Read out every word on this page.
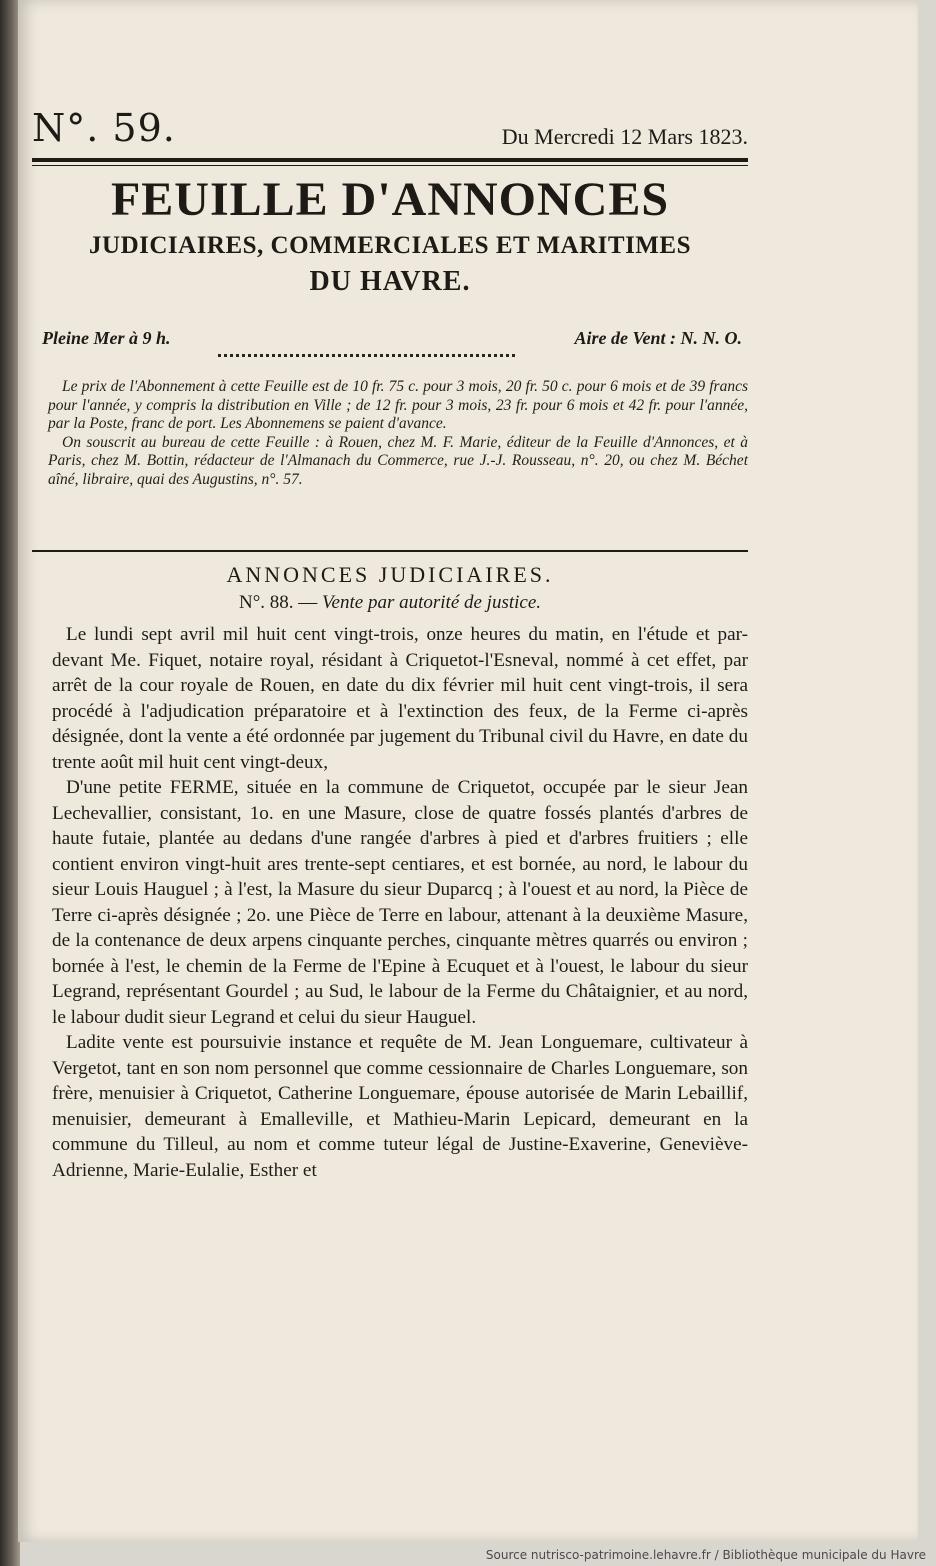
N°. 59.	Du Mercredi 12 Mars 1823.
FEUILLE D'ANNONCES
JUDICIAIRES, COMMERCIALES ET MARITIMES
DU HAVRE.
Pleine Mer à 9 h.	Aire de Vent : N. N. O.

Le prix de l'Abonnement à cette Feuille est de 10 fr. 75 c. pour 3 mois, 20 fr. 50 c. pour 6 mois et de 39 francs pour l'année, y compris la distribution en Ville ; de 12 fr. pour 3 mois, 23 fr. pour 6 mois et 42 fr. pour l'année, par la Poste, franc de port. Les Abonnemens se paient d'avance.

On souscrit au bureau de cette Feuille : à Rouen, chez M. F. Marie, éditeur de la Feuille d'Annonces, et à Paris, chez M. Bottin, rédacteur de l'Almanach du Commerce, rue J.-J. Rousseau, n°. 20, ou chez M. Béchet aîné, libraire, quai des Augustins, n°. 57.

ANNONCES JUDICIAIRES.
N°. 88. — Vente par autorité de justice.

Le lundi sept avril mil huit cent vingt-trois, onze heures du matin, en l'étude et par-devant Me. Fiquet, notaire royal, résidant à Criquetot-l'Esneval, nommé à cet effet, par arrêt de la cour royale de Rouen, en date du dix février mil huit cent vingt-trois, il sera procédé à l'adjudication préparatoire et à l'extinction des feux, de la Ferme ci-après désignée, dont la vente a été ordonnée par jugement du Tribunal civil du Havre, en date du trente août mil huit cent vingt-deux,

D'une petite FERME, située en la commune de Criquetot, occupée par le sieur Jean Lechevallier, consistant, 1o. en une Masure, close de quatre fossés plantés d'arbres de haute futaie, plantée au dedans d'une rangée d'arbres à pied et d'arbres fruitiers ; elle contient environ vingt-huit ares trente-sept centiares, et est bornée, au nord, le labour du sieur Louis Hauguel ; à l'est, la Masure du sieur Duparcq ; à l'ouest et au nord, la Pièce de Terre ci-après désignée ; 2o. une Pièce de Terre en labour, attenant à la deuxième Masure, de la contenance de deux arpens cinquante perches, cinquante mètres quarrés ou environ ; bornée à l'est, le chemin de la Ferme de l'Epine à Ecuquet et à l'ouest, le labour du sieur Legrand, représentant Gourdel ; au Sud, le labour de la Ferme du Châtaignier, et au nord, le labour dudit sieur Legrand et celui du sieur Hauguel.

Ladite vente est poursuivie instance et requête de M. Jean Longuemare, cultivateur à Vergetot, tant en son nom personnel que comme cessionnaire de Charles Longuemare, son frère, menuisier à Criquetot, Catherine Longuemare, épouse autorisée de Marin Lebaillif, menuisier, demeurant à Emalleville, et Mathieu-Marin Lepicard, demeurant en la commune du Tilleul, au nom et comme tuteur légal de Justine-Exaverine, Geneviève-Adrienne, Marie-Eulalie, Esther et

Source nutrisco-patrimoine.lehavre.fr / Bibliothèque municipale du Havre
